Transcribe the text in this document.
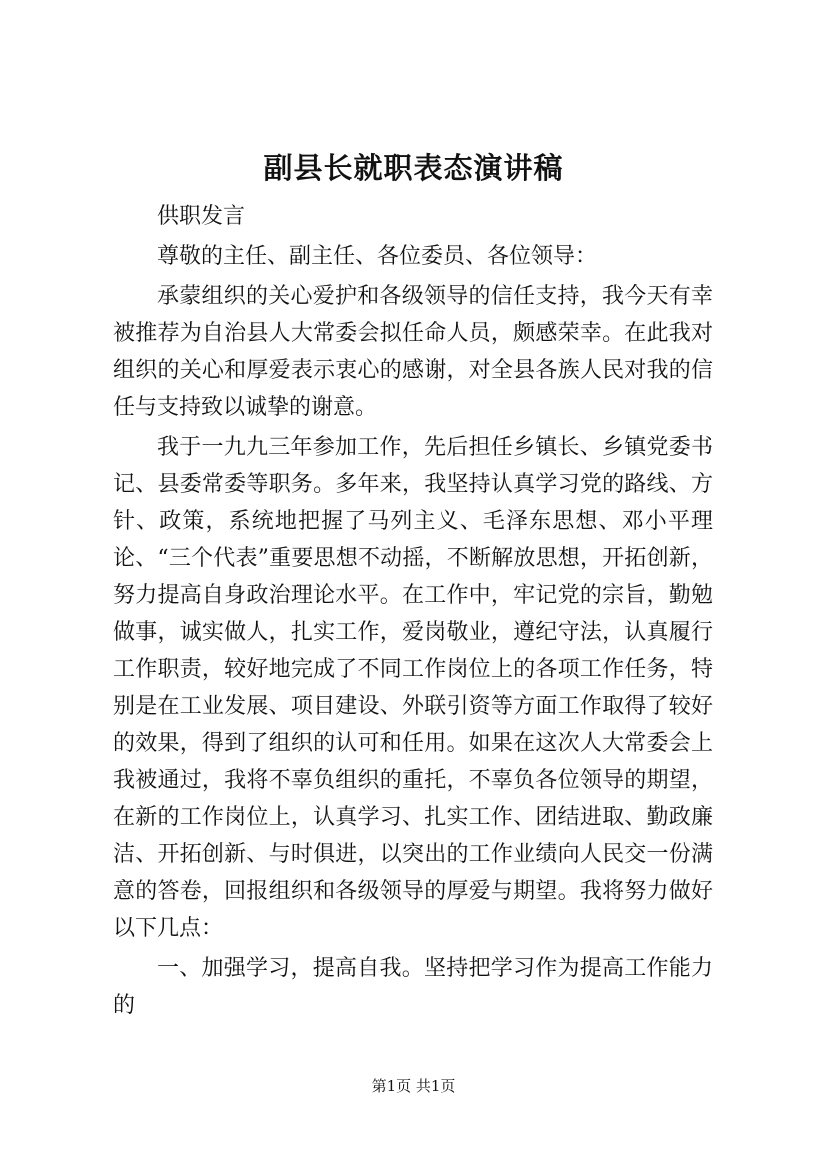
副县长就职表态演讲稿

供职发言

尊敬的主任、副主任、各位委员、各位领导：

承蒙组织的关心爱护和各级领导的信任支持，我今天有幸被推荐为自治县人大常委会拟任命人员，颇感荣幸。在此我对组织的关心和厚爱表示衷心的感谢，对全县各族人民对我的信任与支持致以诚挚的谢意。

我于一九九三年参加工作，先后担任乡镇长、乡镇党委书记、县委常委等职务。多年来，我坚持认真学习党的路线、方针、政策，系统地把握了马列主义、毛泽东思想、邓小平理论、“三个代表”重要思想不动摇，不断解放思想，开拓创新，努力提高自身政治理论水平。在工作中，牢记党的宗旨，勤勉做事，诚实做人，扎实工作，爱岗敬业，遵纪守法，认真履行工作职责，较好地完成了不同工作岗位上的各项工作任务，特别是在工业发展、项目建设、外联引资等方面工作取得了较好的效果，得到了组织的认可和任用。如果在这次人大常委会上我被通过，我将不辜负组织的重托，不辜负各位领导的期望，在新的工作岗位上，认真学习、扎实工作、团结进取、勤政廉洁、开拓创新、与时俱进，以突出的工作业绩向人民交一份满意的答卷，回报组织和各级领导的厚爱与期望。我将努力做好以下几点：

一、加强学习，提高自我。坚持把学习作为提高工作能力的

第1页 共1页
